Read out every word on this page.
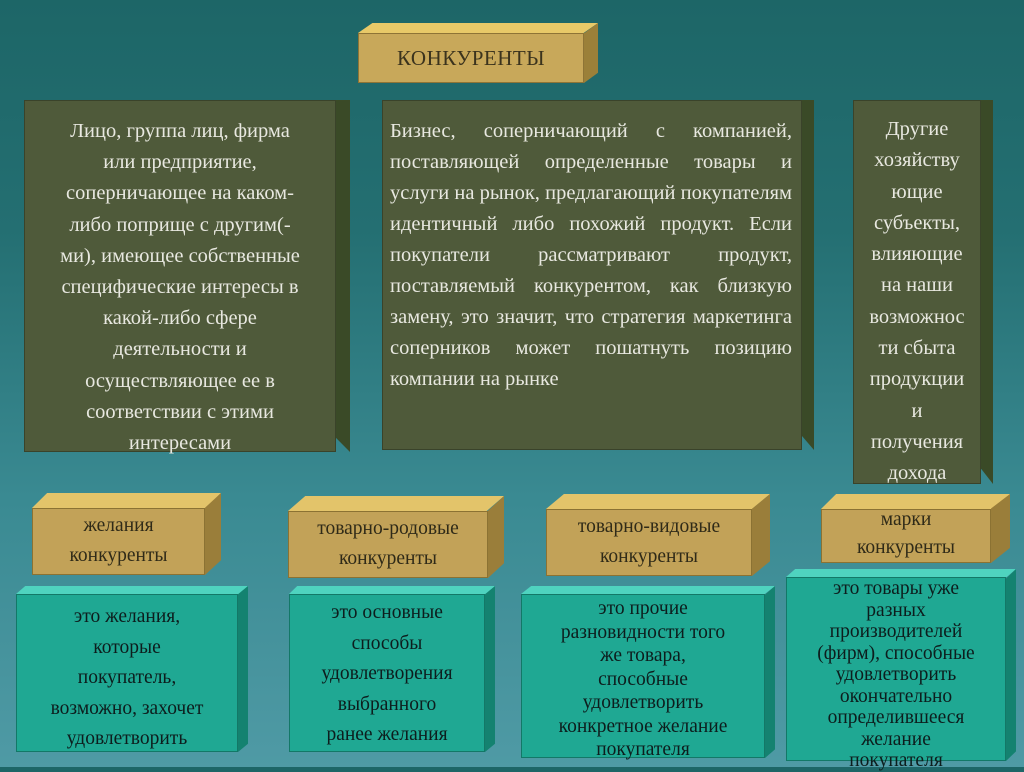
КОНКУРЕНТЫ
Лицо, группа лиц, фирма
или предприятие,
соперничающее на каком-
либо поприще с другим(-
ми), имеющее собственные
специфические интересы в
какой-либо сфере
деятельности и
осуществляющее ее в
соответствии с этими
интересами
Бизнес, соперничающий с компанией, поставляющей определенные товары и услуги на рынок, предлагающий покупателям идентичный либо похожий продукт. Если покупатели рассматривают продукт, поставляемый конкурентом, как близкую замену, это значит, что стратегия маркетинга соперников может пошатнуть позицию компании на рынке
Другие
хозяйству
ющие
субъекты,
влияющие
на наши
возможнос
ти сбыта
продукции
и
получения
дохода
желания
конкуренты
товарно-родовые
конкуренты
товарно-видовые
конкуренты
марки
конкуренты
это желания,
которые
покупатель,
возможно, захочет
удовлетворить
это основные
способы
удовлетворения
выбранного
ранее желания
это прочие
разновидности того
же товара,
способные
удовлетворить
конкретное желание
покупателя
это товары уже
разных
производителей
(фирм), способные
удовлетворить
окончательно
определившееся
желание
покупателя
